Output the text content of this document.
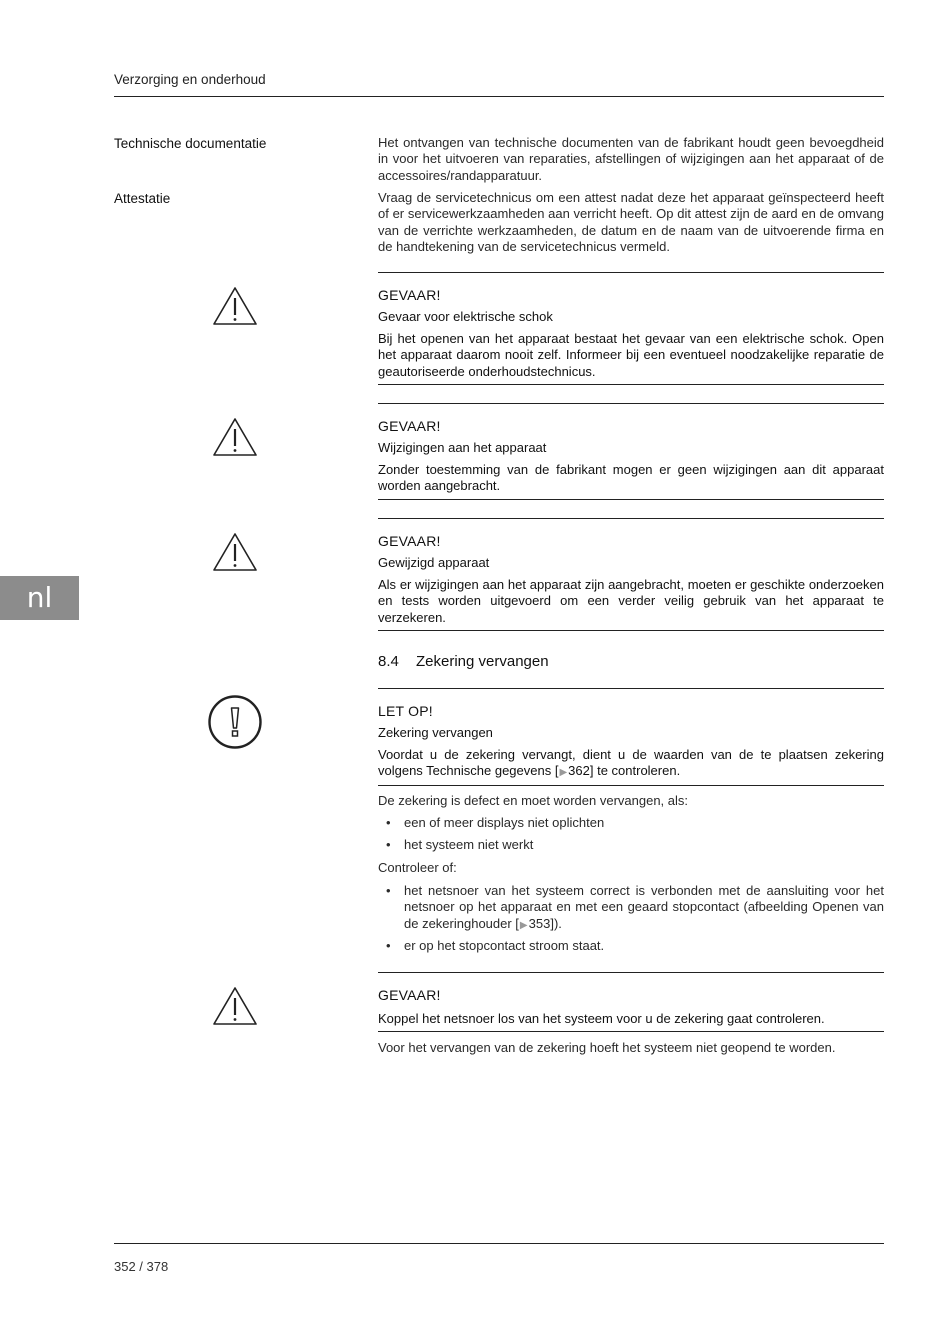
Verzorging en onderhoud
Technische documentatie
Attestatie

Het ontvangen van technische documenten van de fabrikant houdt geen bevoegdheid in voor het uitvoeren van reparaties, afstellingen of wijzigingen aan het apparaat of de accessoires/randapparatuur.

Vraag de servicetechnicus om een attest nadat deze het apparaat geïnspecteerd heeft of er servicewerkzaamheden aan verricht heeft. Op dit attest zijn de aard en de omvang van de verrichte werkzaamheden, de datum en de naam van de uitvoerende firma en de handtekening van de servicetechnicus vermeld.

GEVAAR!
Gevaar voor elektrische schok

Bij het openen van het apparaat bestaat het gevaar van een elektrische schok. Open het apparaat daarom nooit zelf. Informeer bij een eventueel noodzakelijke reparatie de geautoriseerde onderhoudstechnicus.

GEVAAR!
Wijzigingen aan het apparaat

Zonder toestemming van de fabrikant mogen er geen wijzigingen aan dit apparaat worden aangebracht.

GEVAAR!
Gewijzigd apparaat

Als er wijzigingen aan het apparaat zijn aangebracht, moeten er geschikte onderzoeken en tests worden uitgevoerd om een verder veilig gebruik van het apparaat te verzekeren.

8.4 Zekering vervangen
LET OP!
Zekering vervangen

Voordat u de zekering vervangt, dient u de waarden van de te plaatsen zekering volgens Technische gegevens [▶362] te controleren.

De zekering is defect en moet worden vervangen, als:

• een of meer displays niet oplichten
• het systeem niet werkt

Controleer of:

• het netsnoer van het systeem correct is verbonden met de aansluiting voor het netsnoer op het apparaat en met een geaard stopcontact (afbeelding Openen van de zekeringhouder [▶353]).
• er op het stopcontact stroom staat.
GEVAAR!

Koppel het netsnoer los van het systeem voor u de zekering gaat controleren.

Voor het vervangen van de zekering hoeft het systeem niet geopend te worden.

nl
352 / 378
